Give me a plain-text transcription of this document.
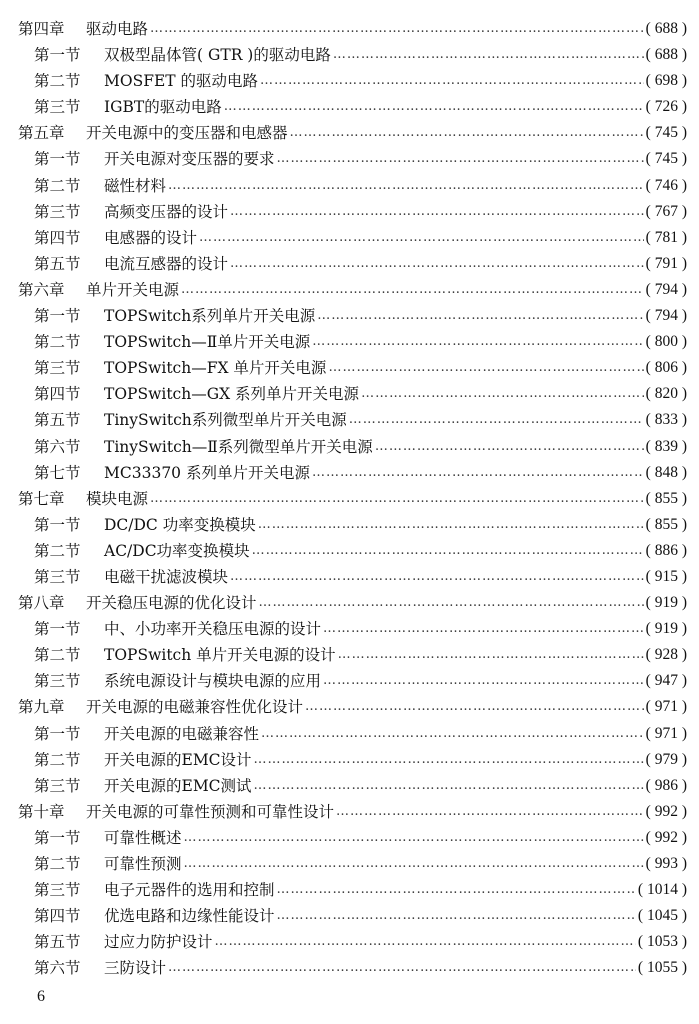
第四章	驱动电路 ………………………………………………………………………………………………………………………………………………………………………………………………………	( 688 )
第一节	双极型晶体管( GTR )的驱动电路 ………………………………………………………………………………………………………………………………………………………………………………………………………	( 688 )
第二节	MOSFET 的驱动电路 ………………………………………………………………………………………………………………………………………………………………………………………………………	( 698 )
第三节	IGBT的驱动电路 ………………………………………………………………………………………………………………………………………………………………………………………………………	( 726 )
第五章	开关电源中的变压器和电感器 ………………………………………………………………………………………………………………………………………………………………………………………………………	( 745 )
第一节	开关电源对变压器的要求 ………………………………………………………………………………………………………………………………………………………………………………………………………	( 745 )
第二节	磁性材料 ………………………………………………………………………………………………………………………………………………………………………………………………………	( 746 )
第三节	高频变压器的设计 ………………………………………………………………………………………………………………………………………………………………………………………………………	( 767 )
第四节	电感器的设计 ………………………………………………………………………………………………………………………………………………………………………………………………………	( 781 )
第五节	电流互感器的设计 ………………………………………………………………………………………………………………………………………………………………………………………………………	( 791 )
第六章	单片开关电源 ………………………………………………………………………………………………………………………………………………………………………………………………………	( 794 )
第一节	TOPSwitch系列单片开关电源 ………………………………………………………………………………………………………………………………………………………………………………………………………	( 794 )
第二节	TOPSwitch—Ⅱ单片开关电源 ………………………………………………………………………………………………………………………………………………………………………………………………………	( 800 )
第三节	TOPSwitch—FX 单片开关电源 ………………………………………………………………………………………………………………………………………………………………………………………………………	( 806 )
第四节	TOPSwitch—GX 系列单片开关电源 ………………………………………………………………………………………………………………………………………………………………………………………………………	( 820 )
第五节	TinySwitch系列微型单片开关电源 ………………………………………………………………………………………………………………………………………………………………………………………………………	( 833 )
第六节	TinySwitch—Ⅱ系列微型单片开关电源 ………………………………………………………………………………………………………………………………………………………………………………………………………	( 839 )
第七节	MC33370 系列单片开关电源 ………………………………………………………………………………………………………………………………………………………………………………………………………	( 848 )
第七章	模块电源 ………………………………………………………………………………………………………………………………………………………………………………………………………	( 855 )
第一节	DC/DC 功率变换模块 ………………………………………………………………………………………………………………………………………………………………………………………………………	( 855 )
第二节	AC/DC功率变换模块 ………………………………………………………………………………………………………………………………………………………………………………………………………	( 886 )
第三节	电磁干扰滤波模块 ………………………………………………………………………………………………………………………………………………………………………………………………………	( 915 )
第八章	开关稳压电源的优化设计 ………………………………………………………………………………………………………………………………………………………………………………………………………	( 919 )
第一节	中、小功率开关稳压电源的设计 ………………………………………………………………………………………………………………………………………………………………………………………………………	( 919 )
第二节	TOPSwitch 单片开关电源的设计 ………………………………………………………………………………………………………………………………………………………………………………………………………	( 928 )
第三节	系统电源设计与模块电源的应用 ………………………………………………………………………………………………………………………………………………………………………………………………………	( 947 )
第九章	开关电源的电磁兼容性优化设计 ………………………………………………………………………………………………………………………………………………………………………………………………………	( 971 )
第一节	开关电源的电磁兼容性 ………………………………………………………………………………………………………………………………………………………………………………………………………	( 971 )
第二节	开关电源的EMC设计 ………………………………………………………………………………………………………………………………………………………………………………………………………	( 979 )
第三节	开关电源的EMC测试 ………………………………………………………………………………………………………………………………………………………………………………………………………	( 986 )
第十章	开关电源的可靠性预测和可靠性设计 ………………………………………………………………………………………………………………………………………………………………………………………………………	( 992 )
第一节	可靠性概述 ………………………………………………………………………………………………………………………………………………………………………………………………………	( 992 )
第二节	可靠性预测 ………………………………………………………………………………………………………………………………………………………………………………………………………	( 993 )
第三节	电子元器件的选用和控制 ………………………………………………………………………………………………………………………………………………………………………………………………………	( 1014 )
第四节	优选电路和边缘性能设计 ………………………………………………………………………………………………………………………………………………………………………………………………………	( 1045 )
第五节	过应力防护设计 ………………………………………………………………………………………………………………………………………………………………………………………………………	( 1053 )
第六节	三防设计 ………………………………………………………………………………………………………………………………………………………………………………………………………	( 1055 )
6
